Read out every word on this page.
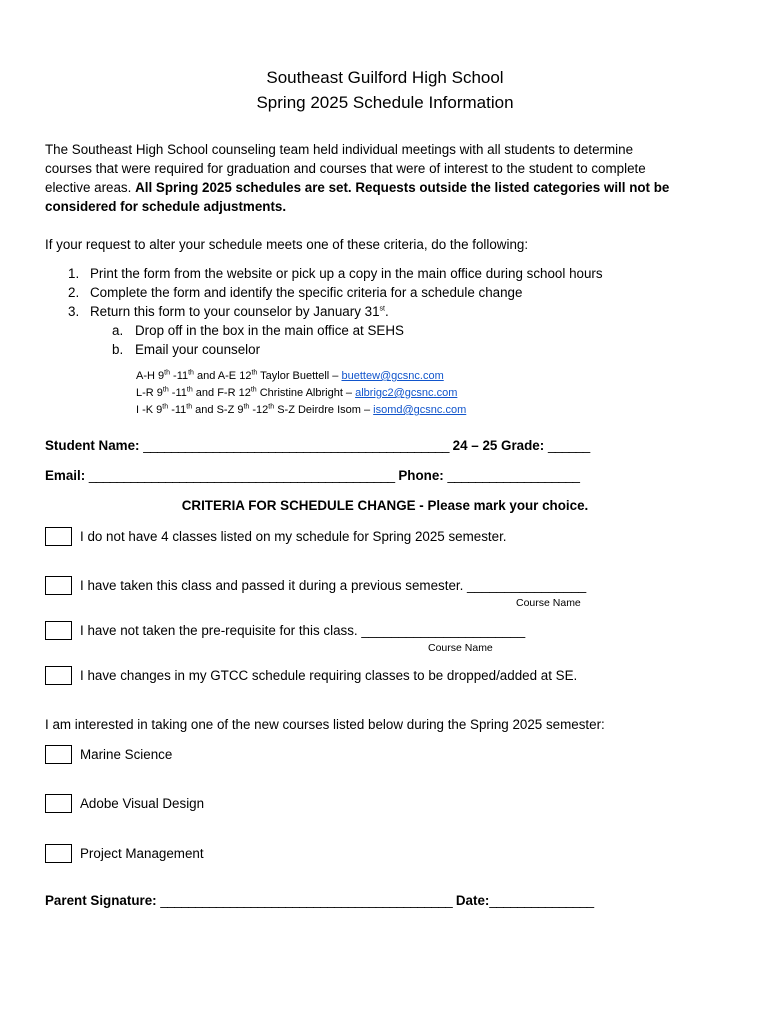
Southeast Guilford High School
Spring 2025 Schedule Information
The Southeast High School counseling team held individual meetings with all students to determine
courses that were required for graduation and courses that were of interest to the student to complete
elective areas. All Spring 2025 schedules are set. Requests outside the listed categories will not be
considered for schedule adjustments.
If your request to alter your schedule meets one of these criteria, do the following:
1. Print the form from the website or pick up a copy in the main office during school hours
2. Complete the form and identify the specific criteria for a schedule change
3. Return this form to your counselor by January 31st.
a. Drop off in the box in the main office at SEHS
b. Email your counselor
A-H 9th -11th and A-E 12th Taylor Buettell – buettew@gcsnc.com
L-R 9th -11th and F-R 12th Christine Albright – albrigc2@gcsnc.com
I -K 9th -11th and S-Z 9th -12th S-Z Deirdre Isom – isomd@gcsnc.com
Student Name: ____________________________________________ 24 – 25 Grade: ______
Email: ____________________________________________ Phone: ___________________
CRITERIA FOR SCHEDULE CHANGE - Please mark your choice.
I do not have 4 classes listed on my schedule for Spring 2025 semester.
I have taken this class and passed it during a previous semester. ________________
Course Name
I have not taken the pre-requisite for this class. ______________________
Course Name
I have changes in my GTCC schedule requiring classes to be dropped/added at SE.
I am interested in taking one of the new courses listed below during the Spring 2025 semester:
Marine Science
Adobe Visual Design
Project Management
Parent Signature: __________________________________________ Date:_______________
